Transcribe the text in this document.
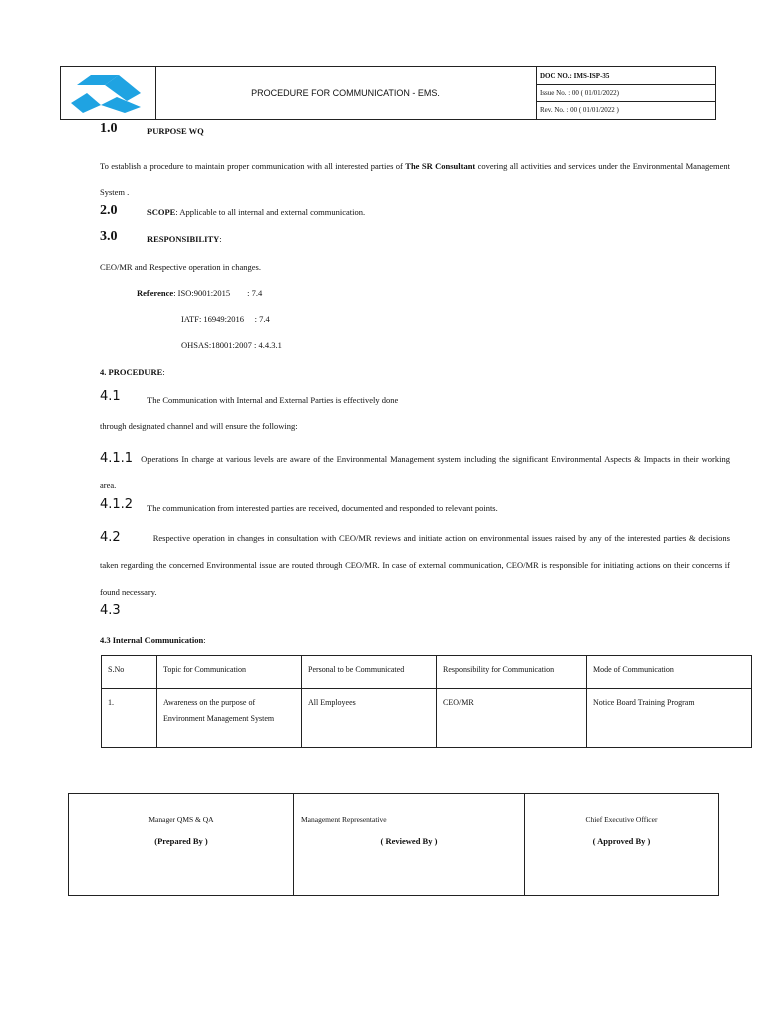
PROCEDURE FOR COMMUNICATION - EMS.
DOC NO.: IMS-ISP-35
Issue No. : 00 ( 01/01/2022)
Rev. No. : 00 ( 01/01/2022 )
1.0	PURPOSE WQ
To establish a procedure to maintain proper communication with all interested parties of The SR Consultant covering all activities and services under the Environmental Management System .
2.0	SCOPE: Applicable to all internal and external communication.
3.0	RESPONSIBILITY:
CEO/MR and Respective operation in changes.
Reference: ISO:9001:2015        : 7.4
IATF: 16949:2016     : 7.4
OHSAS:18001:2007 : 4.4.3.1
4. PROCEDURE:
4.1	The Communication with Internal and External Parties is effectively done
through designated channel and will ensure the following:
4.1.1 Operations In charge at various levels are aware of the Environmental Management system including the significant Environmental Aspects & Impacts in their working area.
4.1.2 The communication from interested parties are received, documented and responded to relevant points.
4.2	Respective operation in changes in consultation with CEO/MR reviews and initiate action on environmental issues raised by any of the interested parties & decisions taken regarding the concerned Environmental issue are routed through CEO/MR. In case of external communication, CEO/MR is responsible for initiating actions on their concerns if found necessary.
4.3
4.3 Internal Communication:
S.No	Topic for Communication	Personal to be Communicated	Responsibility for Communication	Mode of Communication
1.	Awareness on the purpose of Environment Management System	All Employees	CEO/MR	Notice Board Training Program
Manager QMS & QA
(Prepared By )

Management Representative
( Reviewed By )

Chief Executive Officer
( Approved By )
